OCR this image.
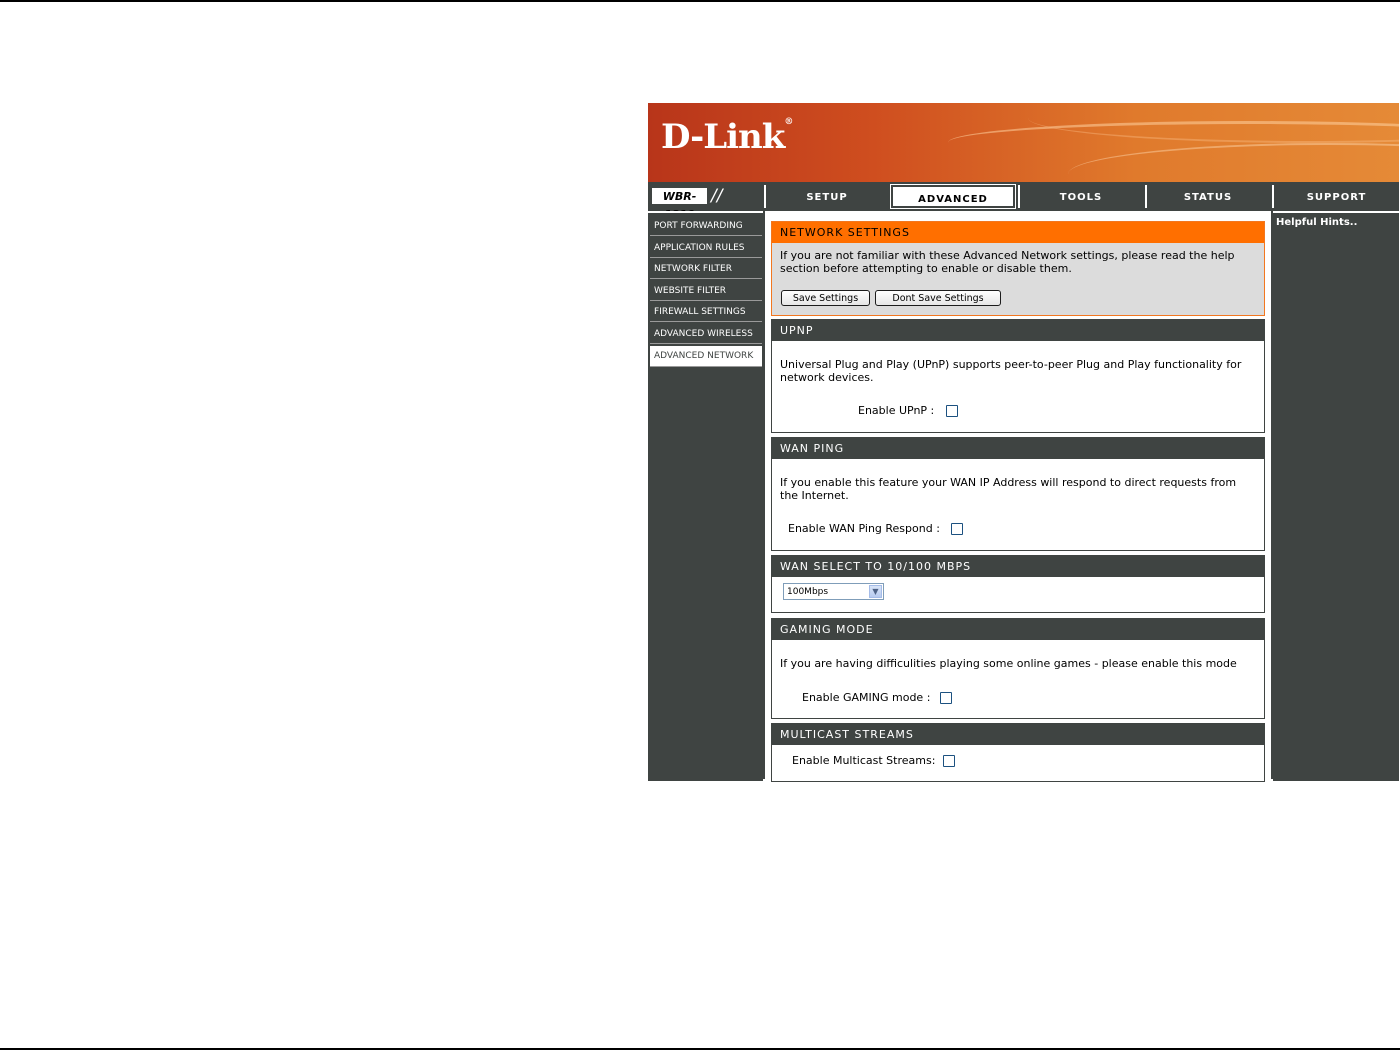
D-Link®
WBR- //	SETUP	ADVANCED	TOOLS	STATUS	SUPPORT
PORT FORWARDING
APPLICATION RULES
NETWORK FILTER
WEBSITE FILTER
FIREWALL SETTINGS
ADVANCED WIRELESS
ADVANCED NETWORK
NETWORK SETTINGS
If you are not familiar with these Advanced Network settings, please read the help section before attempting to enable or disable them.
Save Settings	Dont Save Settings
UPNP
Universal Plug and Play (UPnP) supports peer-to-peer Plug and Play functionality for network devices.
Enable UPnP :
WAN PING
If you enable this feature your WAN IP Address will respond to direct requests from the Internet.
Enable WAN Ping Respond :
WAN SELECT TO 10/100 MBPS
100Mbps	▼
GAMING MODE
If you are having difficulities playing some online games - please enable this mode
Enable GAMING mode :
MULTICAST STREAMS
Enable Multicast Streams:
Helpful Hints..
